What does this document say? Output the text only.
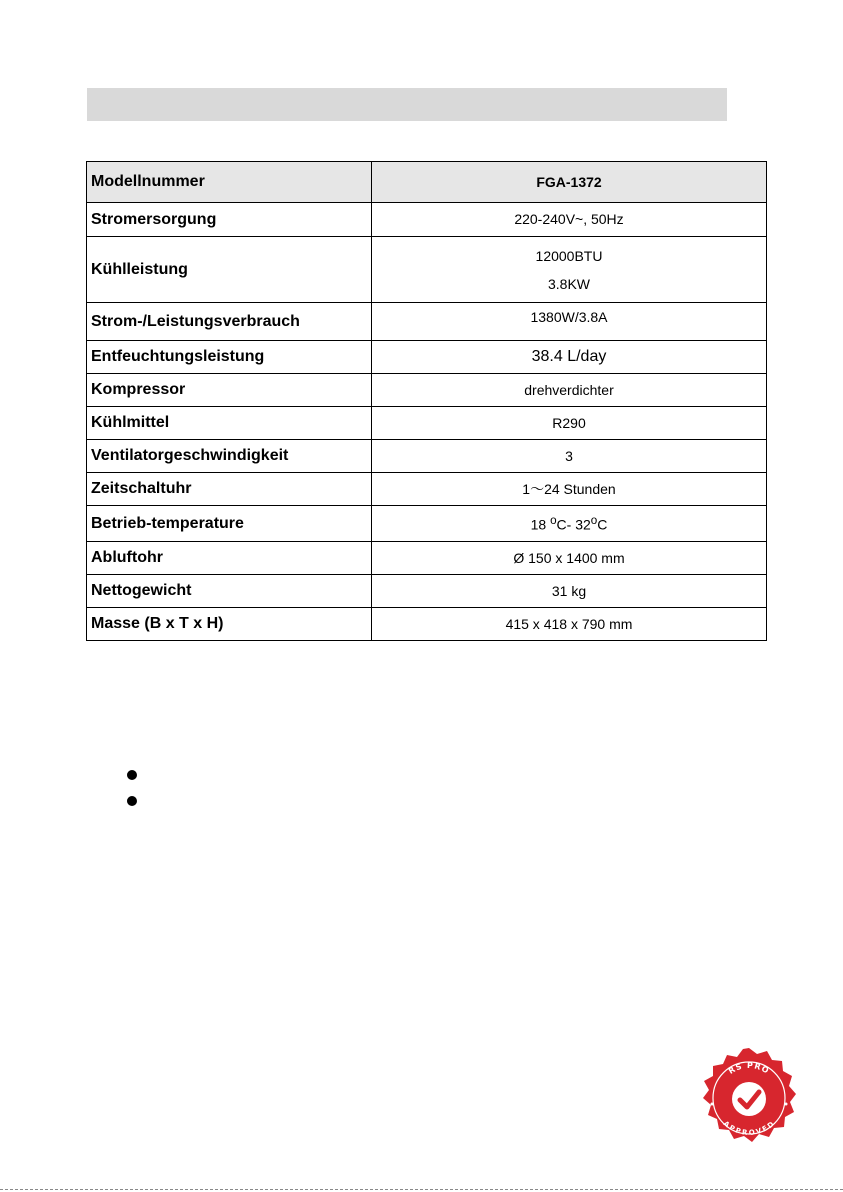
Modellnummer	FGA-1372
Stromersorgung	220-240V~, 50Hz
Kühlleistung	12000BTU
3.8KW

Strom-/Leistungsverbrauch	1380W/3.8A
Entfeuchtungsleistung	38.4 L/day
Kompressor	drehverdichter
Kühlmittel	R290
Ventilatorgeschwindigkeit	3
Zeitschaltuhr	1～24 Stunden
Betrieb-temperature	18 $^o$C- 32$^o$C
Abluftohr	Ø 150 x 1400 mm
Nettogewicht	31 kg
Masse (B x T x H)	415 x 418 x 790 mm
RS PRO
APPROVED
